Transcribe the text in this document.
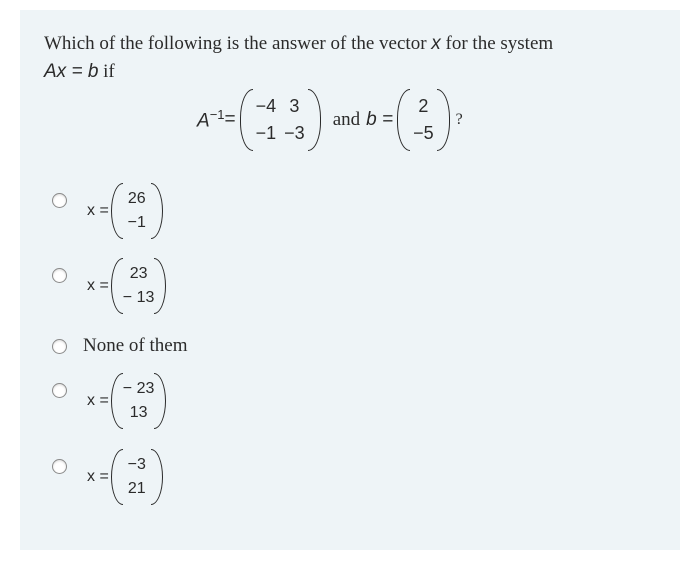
Which of the following is the answer of the vector x for the system
Ax = b if
$A^{-1}$ =
−4	3
−1	−3
and b =
2
−5
?
x =
26
−1
x =
23
− 13
None of them
x =
− 23
13
x =
−3
21
